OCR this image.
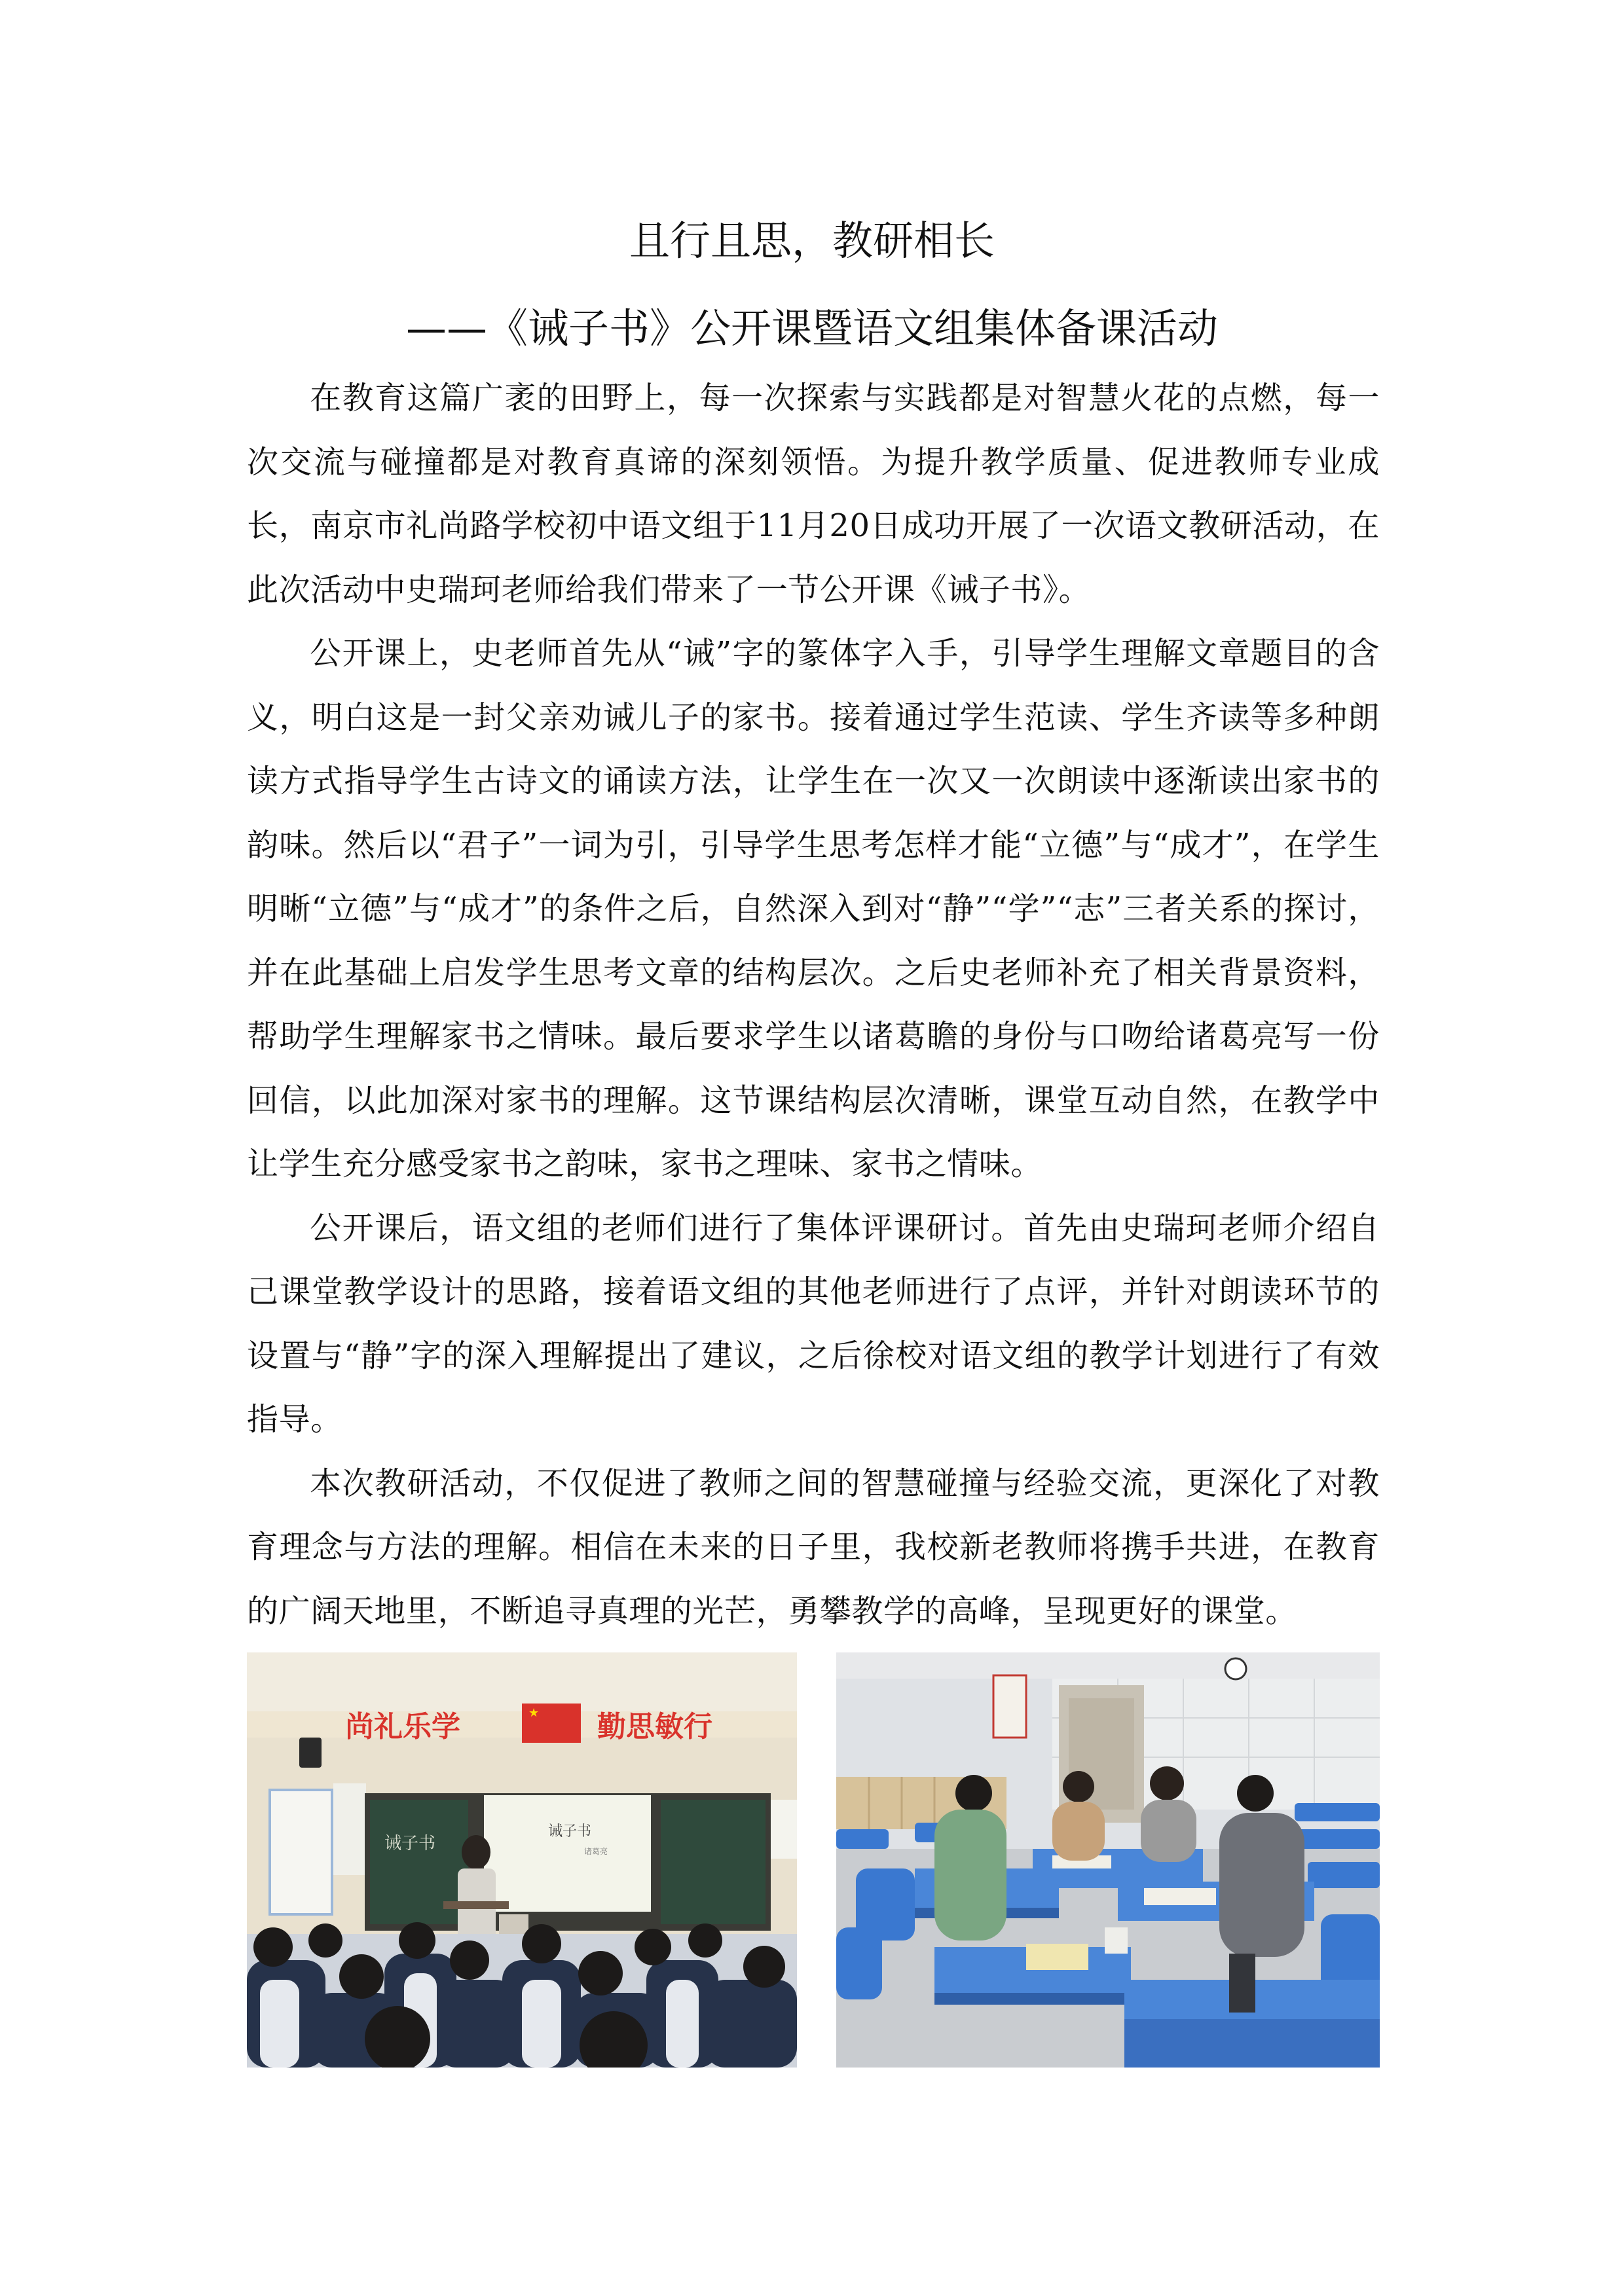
且行且思，教研相长
——《诫子书》公开课暨语文组集体备课活动

在教育这篇广袤的田野上，每一次探索与实践都是对智慧火花的点燃，每一次交流与碰撞都是对教育真谛的深刻领悟。为提升教学质量、促进教师专业成长，南京市礼尚路学校初中语文组于11月20日成功开展了一次语文教研活动，在此次活动中史瑞珂老师给我们带来了一节公开课《诫子书》。

公开课上，史老师首先从“诫”字的篆体字入手，引导学生理解文章题目的含义，明白这是一封父亲劝诫儿子的家书。接着通过学生范读、学生齐读等多种朗读方式指导学生古诗文的诵读方法，让学生在一次又一次朗读中逐渐读出家书的韵味。然后以“君子”一词为引，引导学生思考怎样才能“立德”与“成才”，在学生明晰“立德”与“成才”的条件之后，自然深入到对“静”“学”“志”三者关系的探讨，并在此基础上启发学生思考文章的结构层次。之后史老师补充了相关背景资料，帮助学生理解家书之情味。最后要求学生以诸葛瞻的身份与口吻给诸葛亮写一份回信，以此加深对家书的理解。这节课结构层次清晰，课堂互动自然，在教学中让学生充分感受家书之韵味，家书之理味、家书之情味。

公开课后，语文组的老师们进行了集体评课研讨。首先由史瑞珂老师介绍自己课堂教学设计的思路，接着语文组的其他老师进行了点评，并针对朗读环节的设置与“静”字的深入理解提出了建议，之后徐校对语文组的教学计划进行了有效指导。

本次教研活动，不仅促进了教师之间的智慧碰撞与经验交流，更深化了对教育理念与方法的理解。相信在未来的日子里，我校新老教师将携手共进，在教育的广阔天地里，不断追寻真理的光芒，勇攀教学的高峰，呈现更好的课堂。

尚礼乐学	★ 勤思敏行
诫子书
诫子书
诸葛亮
